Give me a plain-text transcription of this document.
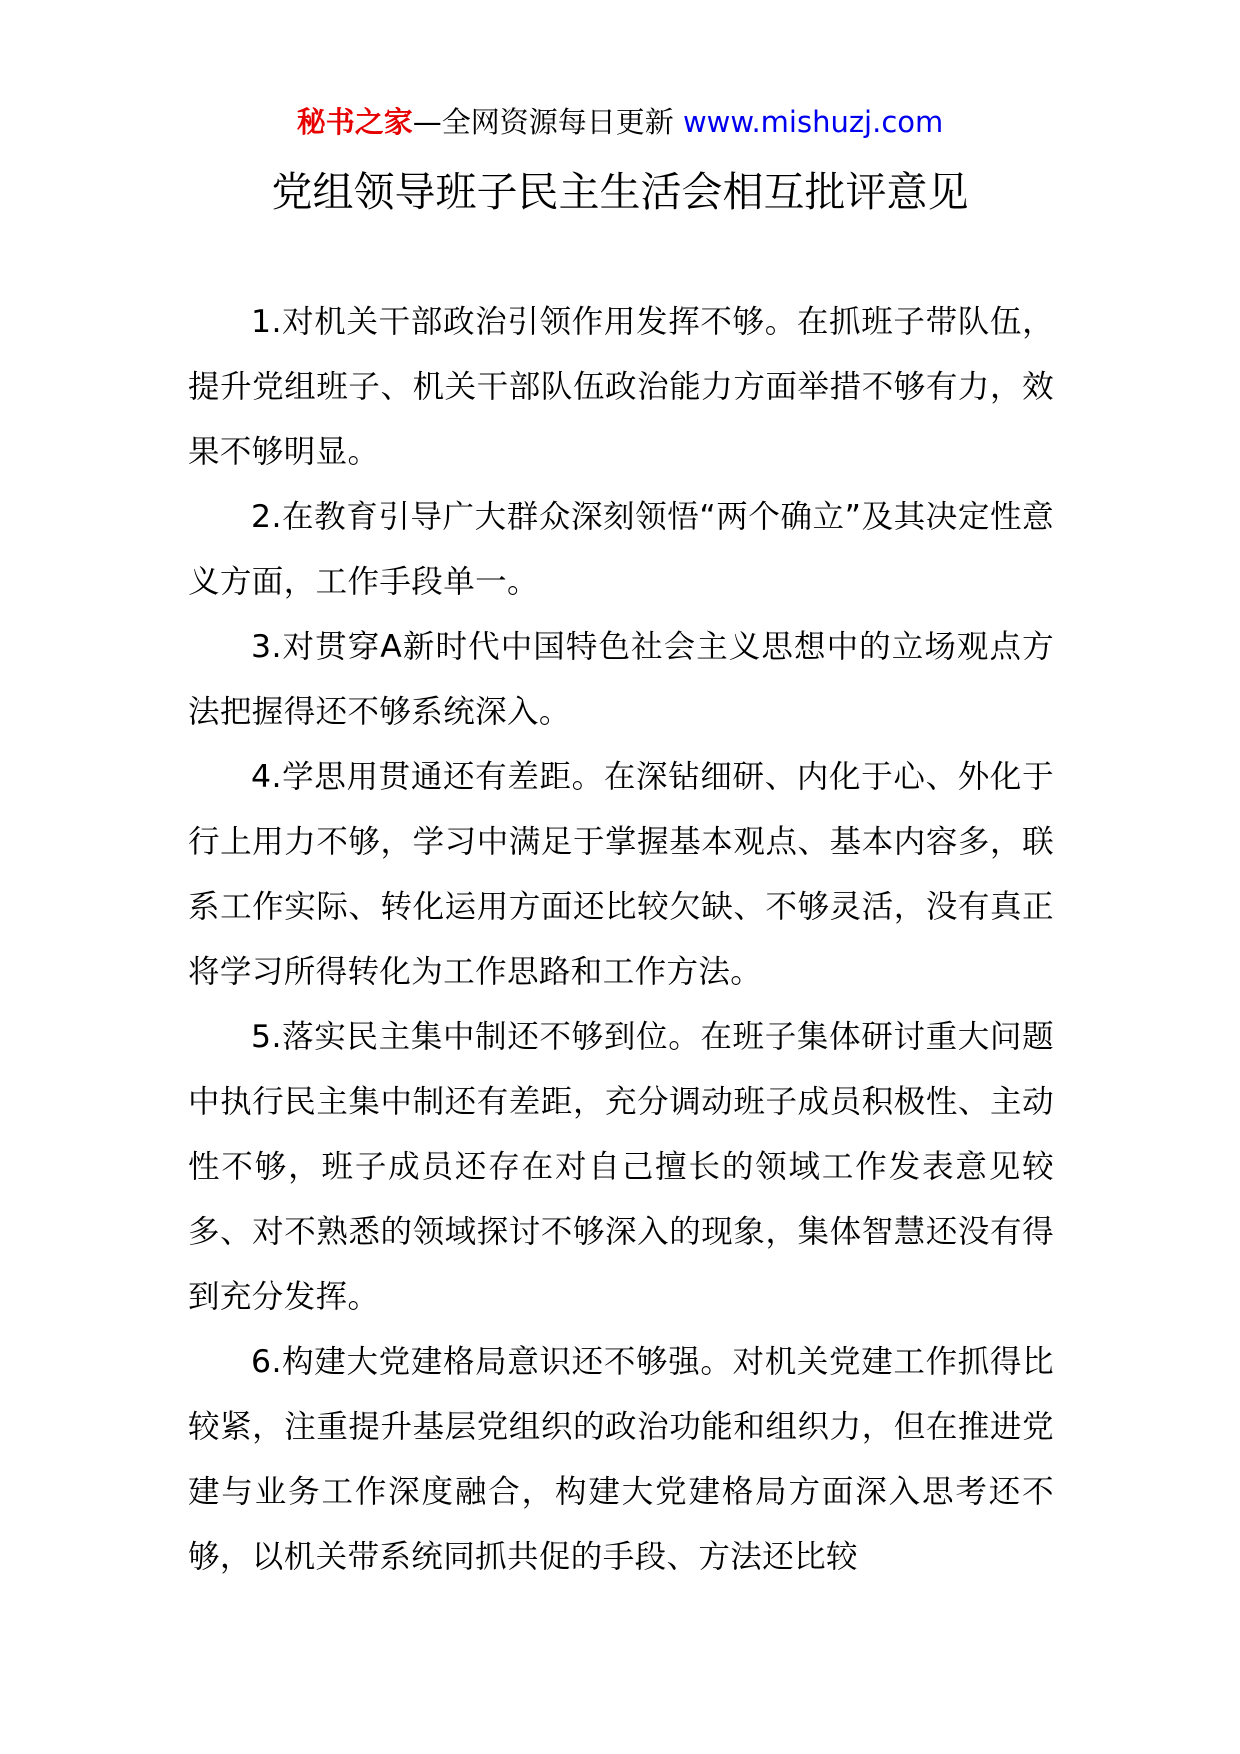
秘书之家—全网资源每日更新 www.mishuzj.com
党组领导班子民主生活会相互批评意见

1.对机关干部政治引领作用发挥不够。在抓班子带队伍，提升党组班子、机关干部队伍政治能力方面举措不够有力，效果不够明显。

2.在教育引导广大群众深刻领悟“两个确立”及其决定性意义方面，工作手段单一。

3.对贯穿A新时代中国特色社会主义思想中的立场观点方法把握得还不够系统深入。

4.学思用贯通还有差距。在深钻细研、内化于心、外化于行上用力不够，学习中满足于掌握基本观点、基本内容多，联系工作实际、转化运用方面还比较欠缺、不够灵活，没有真正将学习所得转化为工作思路和工作方法。

5.落实民主集中制还不够到位。在班子集体研讨重大问题中执行民主集中制还有差距，充分调动班子成员积极性、主动性不够，班子成员还存在对自己擅长的领域工作发表意见较多、对不熟悉的领域探讨不够深入的现象，集体智慧还没有得到充分发挥。

6.构建大党建格局意识还不够强。对机关党建工作抓得比较紧，注重提升基层党组织的政治功能和组织力，但在推进党建与业务工作深度融合，构建大党建格局方面深入思考还不够，以机关带系统同抓共促的手段、方法还比较
